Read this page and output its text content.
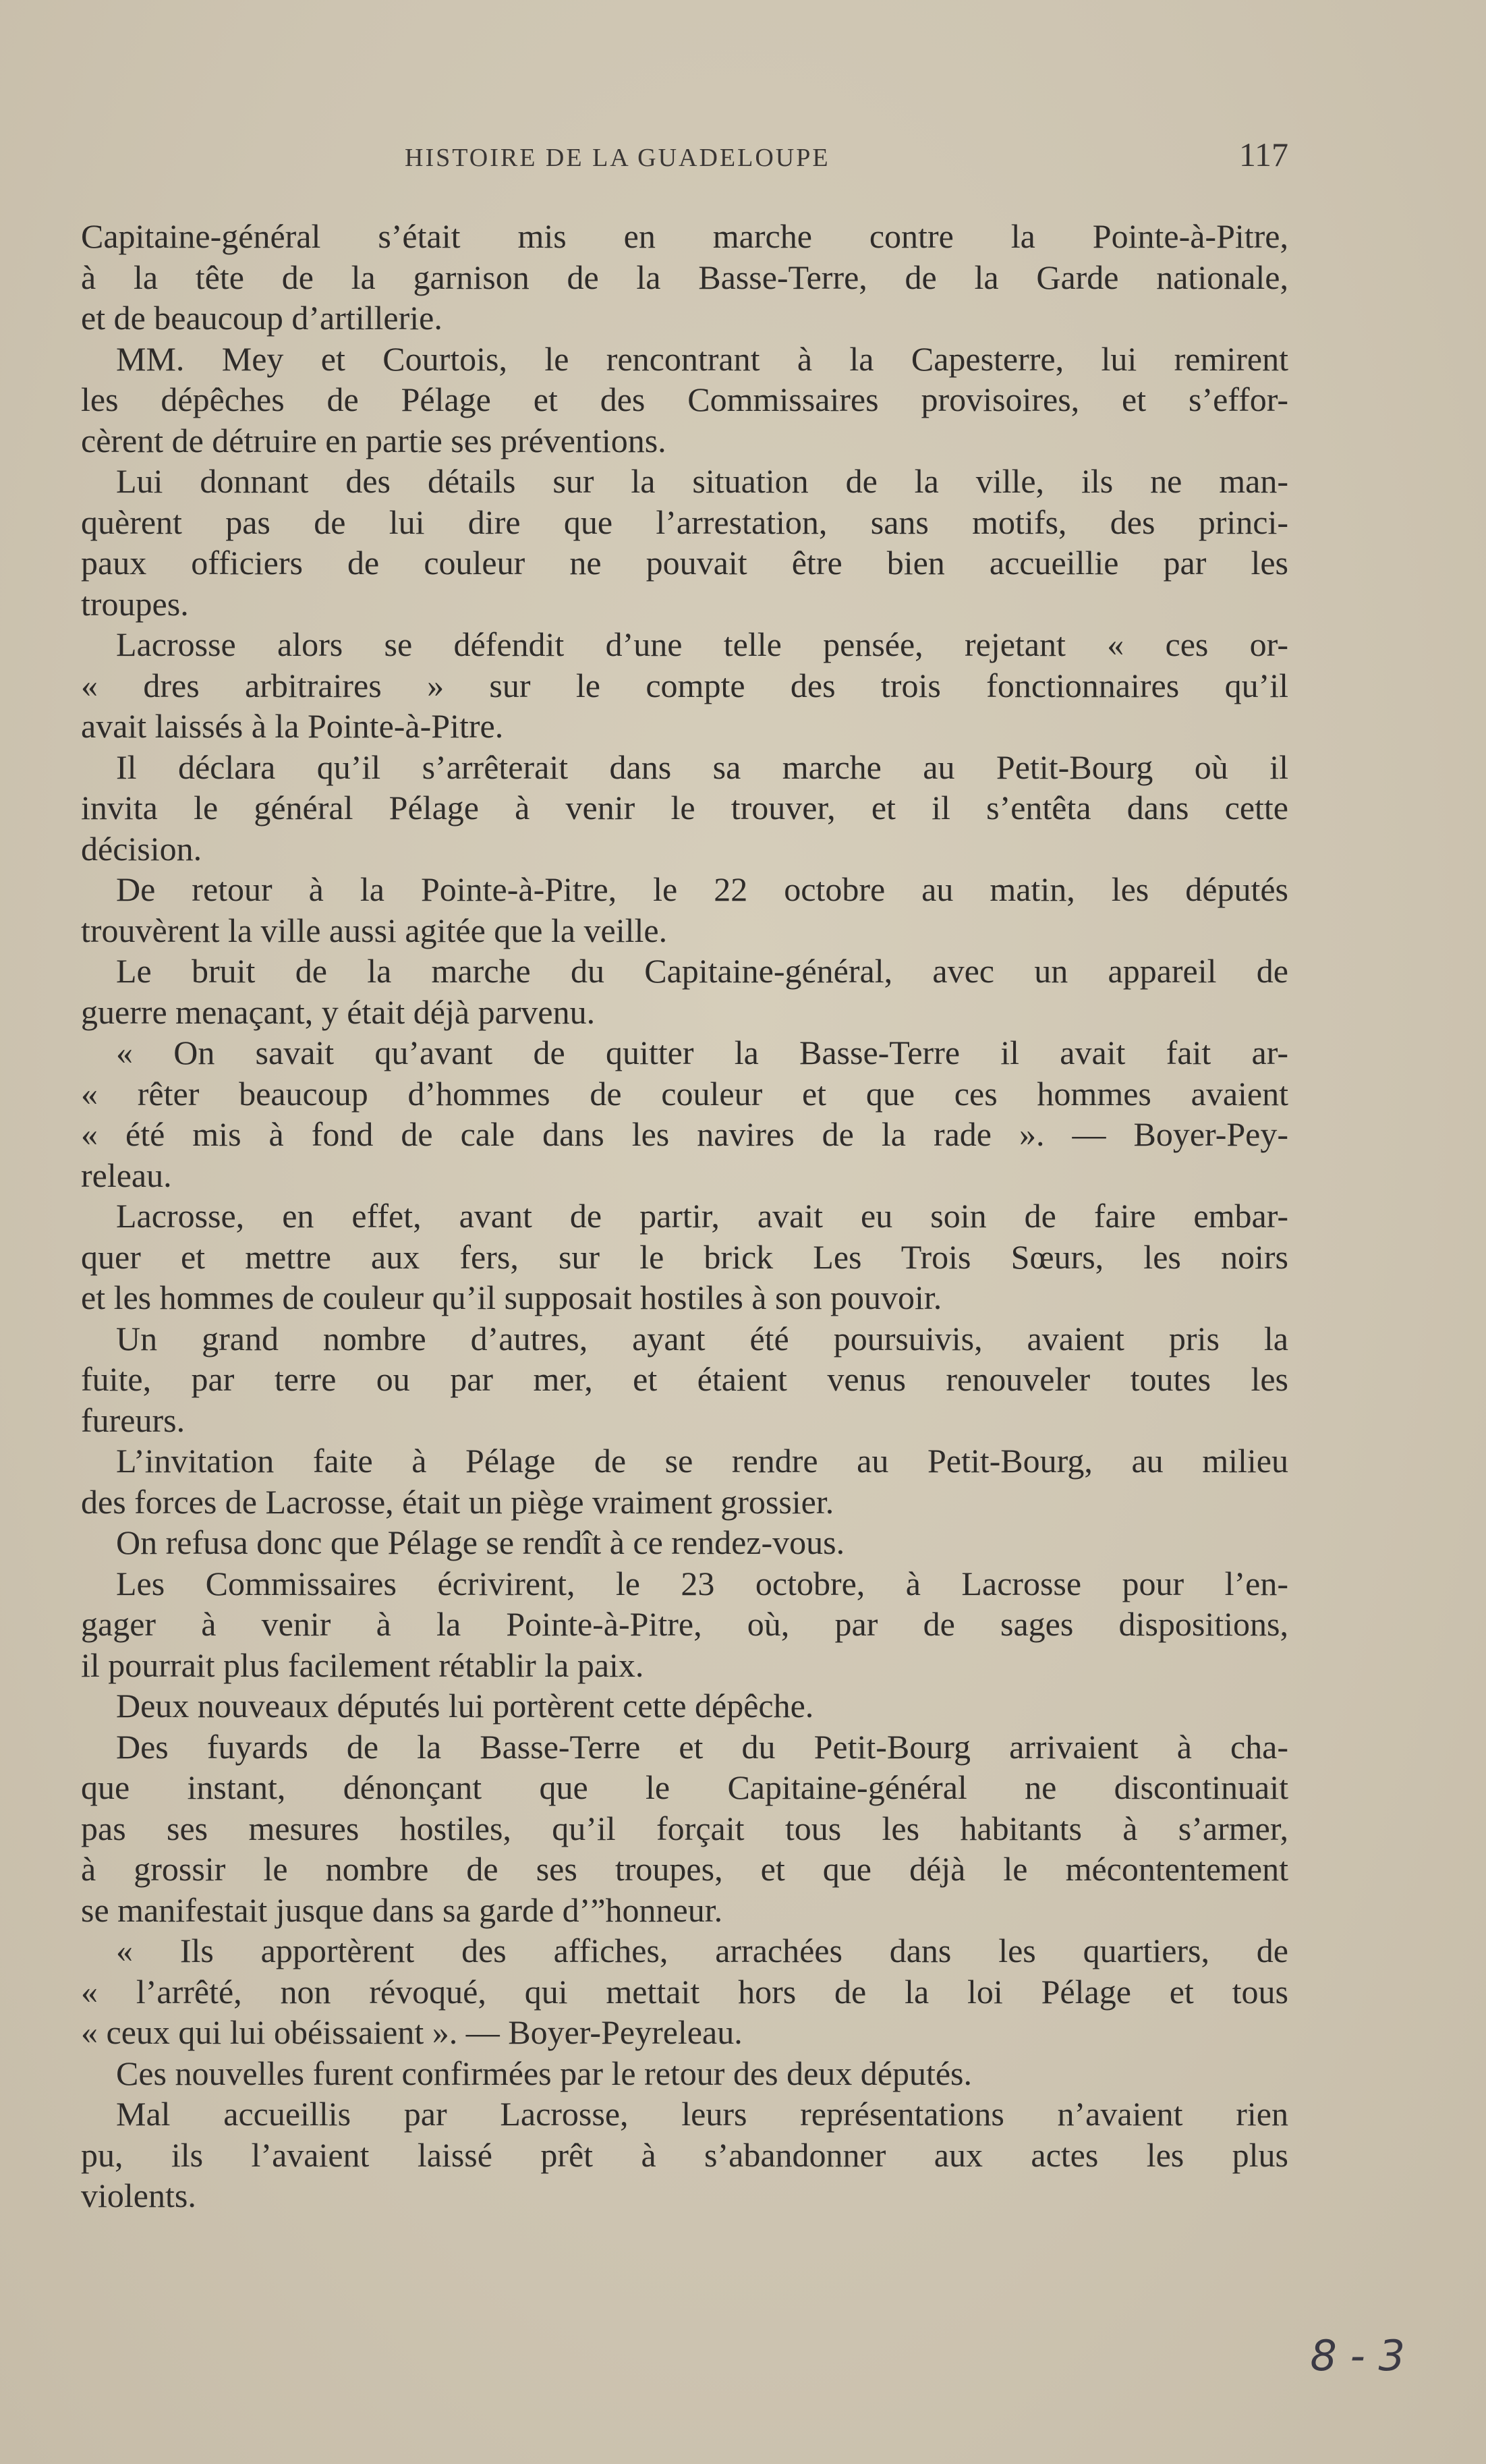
HISTOIRE DE LA GUADELOUPE	117

Capitaine-général s’était mis en marche contre la Pointe-à-Pitre,
à la tête de la garnison de la Basse-Terre, de la Garde nationale,
et de beaucoup d’artillerie.

MM. Mey et Courtois, le rencontrant à la Capesterre, lui remirent
les dépêches de Pélage et des Commissaires provisoires, et s’effor-
cèrent de détruire en partie ses préventions.

Lui donnant des détails sur la situation de la ville, ils ne man-
quèrent pas de lui dire que l’arrestation, sans motifs, des princi-
paux officiers de couleur ne pouvait être bien accueillie par les
troupes.

Lacrosse alors se défendit d’une telle pensée, rejetant « ces or-
« dres arbitraires » sur le compte des trois fonctionnaires qu’il
avait laissés à la Pointe-à-Pitre.

Il déclara qu’il s’arrêterait dans sa marche au Petit-Bourg où il
invita le général Pélage à venir le trouver, et il s’entêta dans cette
décision.

De retour à la Pointe-à-Pitre, le 22 octobre au matin, les députés
trouvèrent la ville aussi agitée que la veille.

Le bruit de la marche du Capitaine-général, avec un appareil de
guerre menaçant, y était déjà parvenu.

« On savait qu’avant de quitter la Basse-Terre il avait fait ar-
« rêter beaucoup d’hommes de couleur et que ces hommes avaient
« été mis à fond de cale dans les navires de la rade ». — Boyer-Pey-
releau.

Lacrosse, en effet, avant de partir, avait eu soin de faire embar-
quer et mettre aux fers, sur le brick Les Trois Sœurs, les noirs
et les hommes de couleur qu’il supposait hostiles à son pouvoir.

Un grand nombre d’autres, ayant été poursuivis, avaient pris la
fuite, par terre ou par mer, et étaient venus renouveler toutes les
fureurs.

L’invitation faite à Pélage de se rendre au Petit-Bourg, au milieu
des forces de Lacrosse, était un piège vraiment grossier.

On refusa donc que Pélage se rendît à ce rendez-vous.

Les Commissaires écrivirent, le 23 octobre, à Lacrosse pour l’en-
gager à venir à la Pointe-à-Pitre, où, par de sages dispositions,
il pourrait plus facilement rétablir la paix.

Deux nouveaux députés lui portèrent cette dépêche.

Des fuyards de la Basse-Terre et du Petit-Bourg arrivaient à cha-
que instant, dénonçant que le Capitaine-général ne discontinuait
pas ses mesures hostiles, qu’il forçait tous les habitants à s’armer,
à grossir le nombre de ses troupes, et que déjà le mécontentement
se manifestait jusque dans sa garde d’”honneur.

« Ils apportèrent des affiches, arrachées dans les quartiers, de
« l’arrêté, non révoqué, qui mettait hors de la loi Pélage et tous
« ceux qui lui obéissaient ». — Boyer-Peyreleau.

Ces nouvelles furent confirmées par le retour des deux députés.

Mal accueillis par Lacrosse, leurs représentations n’avaient rien
pu, ils l’avaient laissé prêt à s’abandonner aux actes les plus
violents.

8 - 3
